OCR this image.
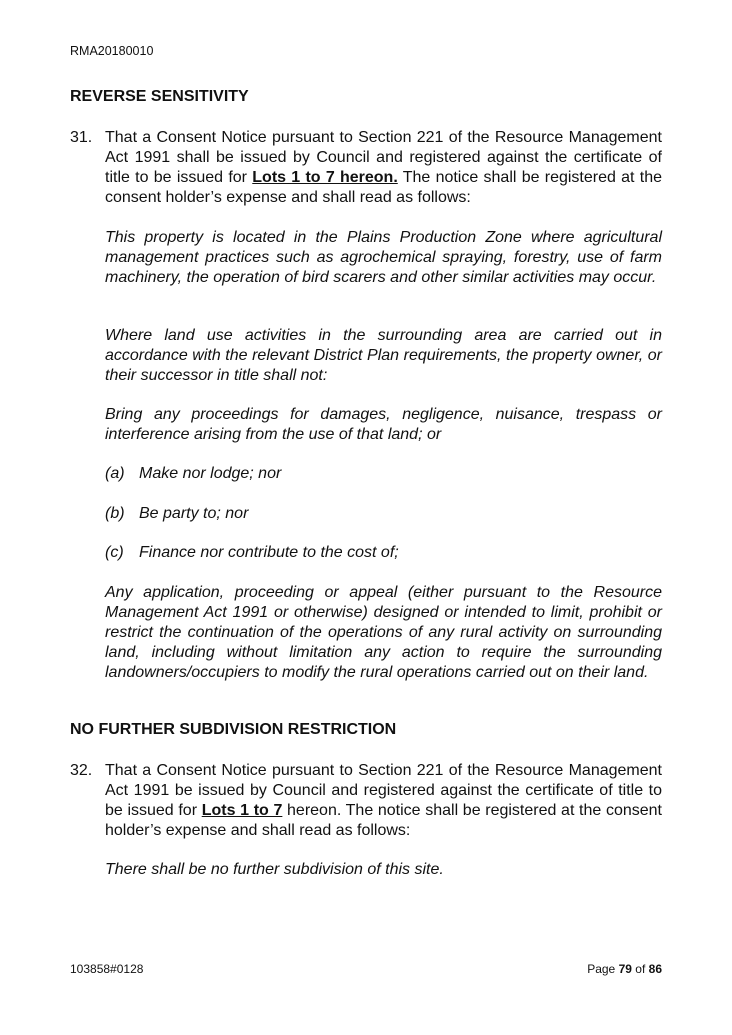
RMA20180010
REVERSE SENSITIVITY
31. That a Consent Notice pursuant to Section 221 of the Resource Management Act 1991 shall be issued by Council and registered against the certificate of title to be issued for Lots 1 to 7 hereon. The notice shall be registered at the consent holder’s expense and shall read as follows:

This property is located in the Plains Production Zone where agricultural management practices such as agrochemical spraying, forestry, use of farm machinery, the operation of bird scarers and other similar activities may occur.

Where land use activities in the surrounding area are carried out in accordance with the relevant District Plan requirements, the property owner, or their successor in title shall not:

Bring any proceedings for damages, negligence, nuisance, trespass or interference arising from the use of that land; or

(a) Make nor lodge; nor
(b) Be party to; nor
(c) Finance nor contribute to the cost of;

Any application, proceeding or appeal (either pursuant to the Resource Management Act 1991 or otherwise) designed or intended to limit, prohibit or restrict the continuation of the operations of any rural activity on surrounding land, including without limitation any action to require the surrounding landowners/occupiers to modify the rural operations carried out on their land.

NO FURTHER SUBDIVISION RESTRICTION
32. That a Consent Notice pursuant to Section 221 of the Resource Management Act 1991 be issued by Council and registered against the certificate of title to be issued for Lots 1 to 7 hereon. The notice shall be registered at the consent holder’s expense and shall read as follows:

There shall be no further subdivision of this site.

103858#0128	Page 79 of 86
